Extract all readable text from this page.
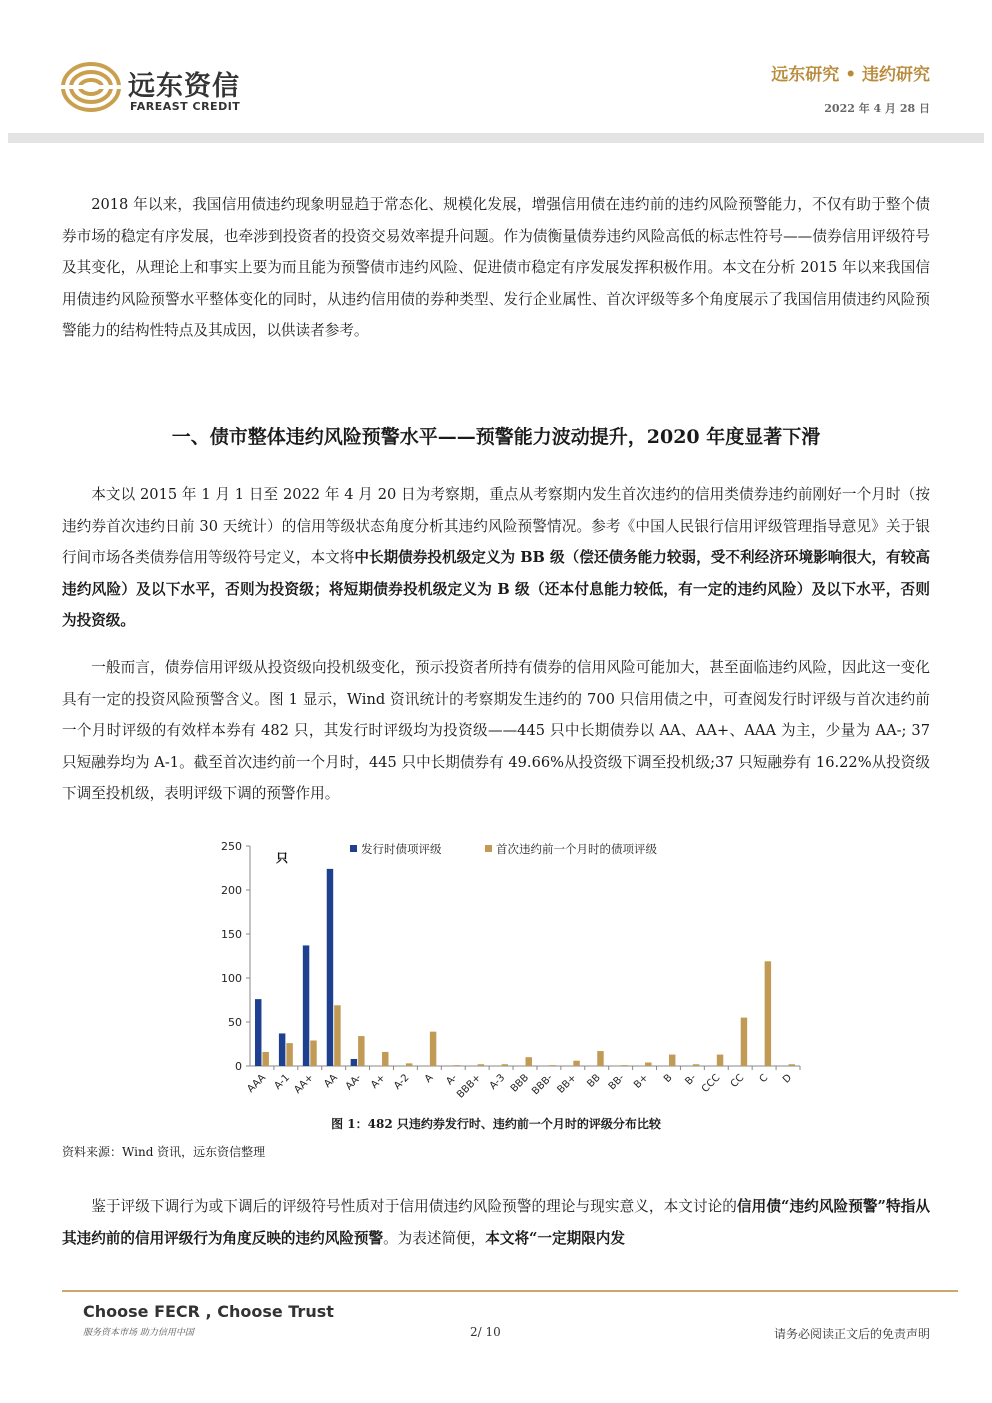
远东资信
FAREAST CREDIT
远东研究 • 违约研究
2022 年 4 月 28 日

2018 年以来，我国信用债违约现象明显趋于常态化、规模化发展，增强信用债在违约前的违约风险预警能力，不仅有助于整个债券市场的稳定有序发展，也牵涉到投资者的投资交易效率提升问题。作为债衡量债券违约风险高低的标志性符号——债券信用评级符号及其变化，从理论上和事实上要为而且能为预警债市违约风险、促进债市稳定有序发展发挥积极作用。本文在分析 2015 年以来我国信用债违约风险预警水平整体变化的同时，从违约信用债的券种类型、发行企业属性、首次评级等多个角度展示了我国信用债违约风险预警能力的结构性特点及其成因，以供读者参考。

一、债市整体违约风险预警水平——预警能力波动提升，2020 年度显著下滑

本文以 2015 年 1 月 1 日至 2022 年 4 月 20 日为考察期，重点从考察期内发生首次违约的信用类债券违约前刚好一个月时（按违约券首次违约日前 30 天统计）的信用等级状态角度分析其违约风险预警情况。参考《中国人民银行信用评级管理指导意见》关于银行间市场各类债券信用等级符号定义，本文将中长期债券投机级定义为 BB 级（偿还债务能力较弱，受不利经济环境影响很大，有较高违约风险）及以下水平，否则为投资级；将短期债券投机级定义为 B 级（还本付息能力较低，有一定的违约风险）及以下水平，否则为投资级。

一般而言，债券信用评级从投资级向投机级变化，预示投资者所持有债券的信用风险可能加大，甚至面临违约风险，因此这一变化具有一定的投资风险预警含义。图 1 显示，Wind 资讯统计的考察期发生违约的 700 只信用债之中，可查阅发行时评级与首次违约前一个月时评级的有效样本券有 482 只，其发行时评级均为投资级——445 只中长期债券以 AA、AA+、AAA 为主，少量为 AA-; 37 只短融券均为 A-1。截至首次违约前一个月时，445 只中长期债券有 49.66%从投资级下调至投机级;37 只短融券有 16.22%从投资级下调至投机级，表明评级下调的预警作用。

0
50
100
150
200
250
只
AAA A-1 AA+ AA AA- A+ A-2 A A-
BBB+ A-3 BBB BBB- BB+ BB BB- B+ B B- CCC CC C D
发行时债项评级	首次违约前一个月时的债项评级

图 1：482 只违约券发行时、违约前一个月时的评级分布比较

资料来源：Wind 资讯，远东资信整理

鉴于评级下调行为或下调后的评级符号性质对于信用债违约风险预警的理论与现实意义，本文讨论的信用债“违约风险预警”特指从其违约前的信用评级行为角度反映的违约风险预警。为表述简便，本文将“一定期限内发

Choose FECR , Choose Trust
服务资本市场 助力信用中国	2/ 10	请务必阅读正文后的免责声明
